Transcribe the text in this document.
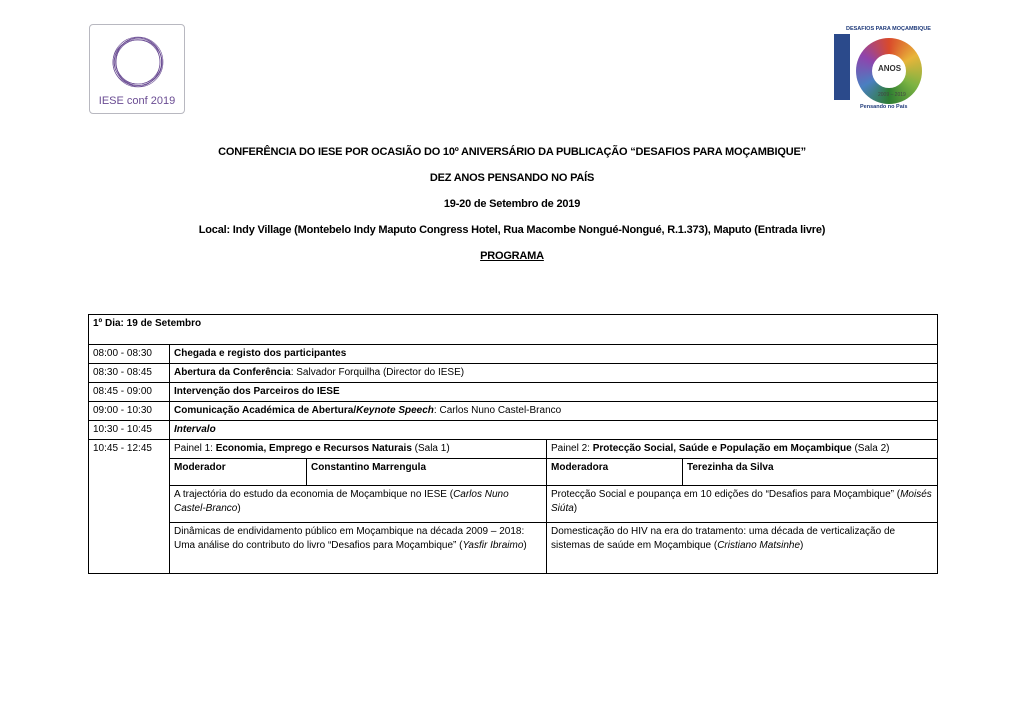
IESE conf 2019
DESAFIOS PARA MOÇAMBIQUE
ANOS
2009 – 2019
Pensando no País
CONFERÊNCIA DO IESE POR OCASIÃO DO 10º ANIVERSÁRIO DA PUBLICAÇÃO “DESAFIOS PARA MOÇAMBIQUE”
DEZ ANOS PENSANDO NO PAÍS
19-20 de Setembro de 2019
Local: Indy Village (Montebelo Indy Maputo Congress Hotel, Rua Macombe Nongué-Nongué, R.1.373), Maputo (Entrada livre)
PROGRAMA
1º Dia: 19 de Setembro				
08:00 - 08:30	Chegada e registo dos participantes			
08:30 - 08:45	Abertura da Conferência: Salvador Forquilha (Director do IESE)			
08:45 - 09:00	Intervenção dos Parceiros do IESE			
09:00 - 10:30	Comunicação Académica de Abertura/Keynote Speech: Carlos Nuno Castel-Branco			
10:30 - 10:45	Intervalo			
10:45 - 12:45	Painel 1: Economia, Emprego e Recursos Naturais (Sala 1)		Painel 2: Protecção Social, Saúde e População em Moçambique (Sala 2)	
	Moderador	Constantino Marrengula	Moderadora	Terezinha da Silva
	A trajectória do estudo da economia de Moçambique no IESE (Carlos Nuno Castel-Branco)		Protecção Social e poupança em 10 edições do “Desafios para Moçambique” (Moisés Siúta)	
	Dinâmicas de endividamento público em Moçambique na década 2009 – 2018: Uma análise do contributo do livro “Desafios para Moçambique” (Yasfir Ibraimo)		Domesticação do HIV na era do tratamento: uma década de verticalização de sistemas de saúde em Moçambique (Cristiano Matsinhe)	
